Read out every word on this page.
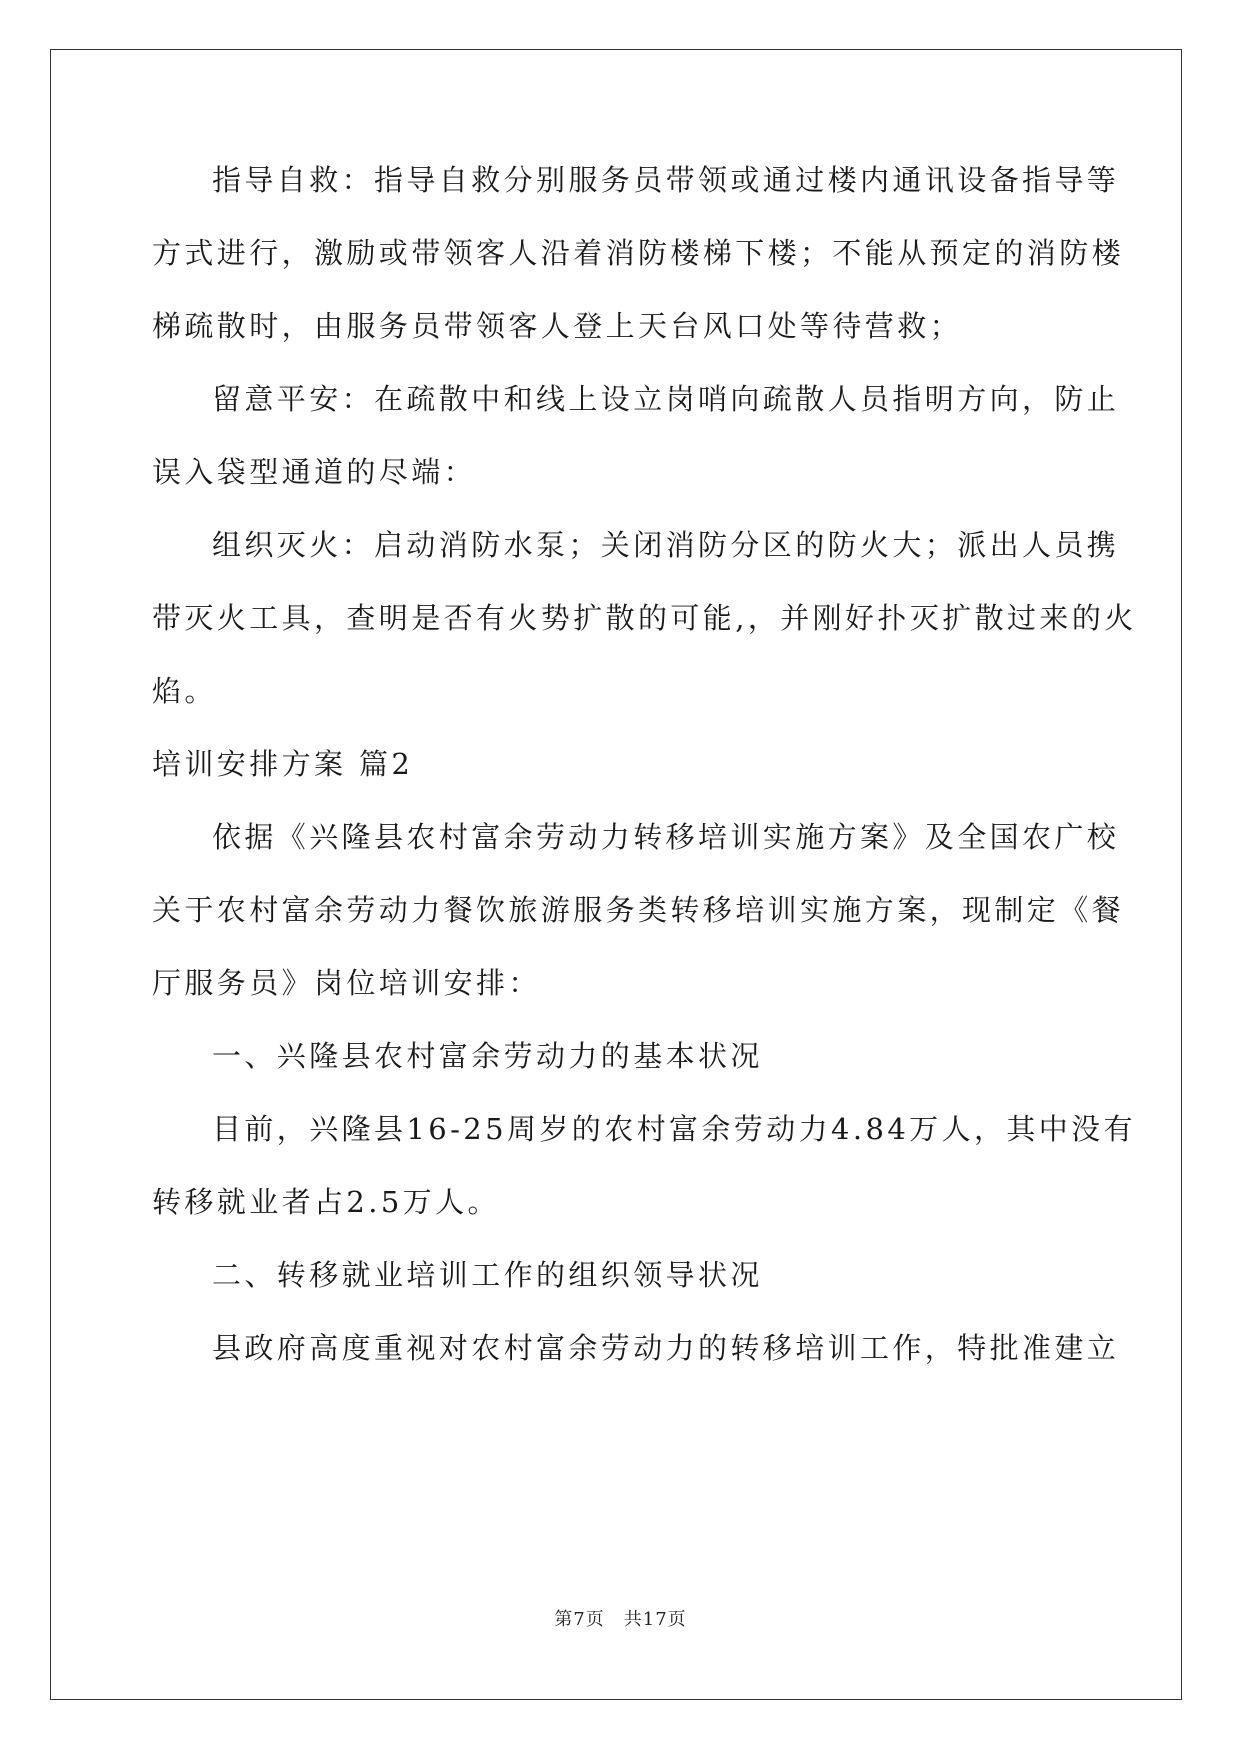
指导自救：指导自救分别服务员带领或通过楼内通讯设备指导等
方式进行，激励或带领客人沿着消防楼梯下楼；不能从预定的消防楼
梯疏散时，由服务员带领客人登上天台风口处等待营救；
留意平安：在疏散中和线上设立岗哨向疏散人员指明方向，防止
误入袋型通道的尽端：
组织灭火：启动消防水泵；关闭消防分区的防火大；派出人员携
带灭火工具，查明是否有火势扩散的可能,，并刚好扑灭扩散过来的火
焰。
培训安排方案 篇2
依据《兴隆县农村富余劳动力转移培训实施方案》及全国农广校
关于农村富余劳动力餐饮旅游服务类转移培训实施方案，现制定《餐
厅服务员》岗位培训安排：
一、兴隆县农村富余劳动力的基本状况
目前，兴隆县16-25周岁的农村富余劳动力4.84万人，其中没有
转移就业者占2.5万人。
二、转移就业培训工作的组织领导状况
县政府高度重视对农村富余劳动力的转移培训工作，特批准建立
第7页　共17页
